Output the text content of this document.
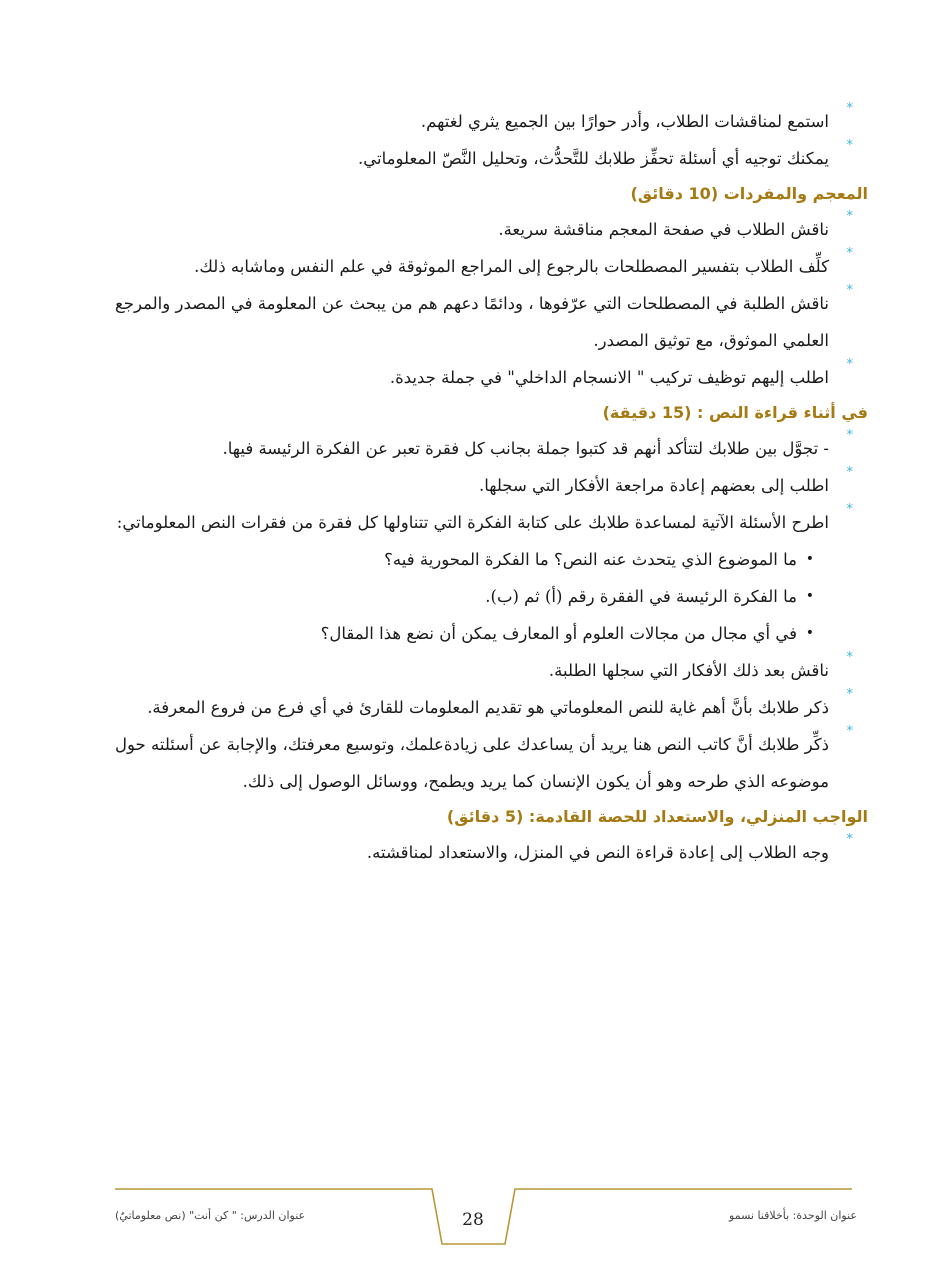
*
استمع لمناقشات الطلاب، وأدر حوارًا بين الجميع يثري لغتهم.
*
يمكنك توجيه أي أسئلة تحفِّز طلابك للتَّحدُّث، وتحليل النَّصّ المعلوماتي.
المعجم والمفردات (10 دقائق)
*
ناقش الطلاب في صفحة المعجم مناقشة سريعة.
*
كلِّف الطلاب بتفسير المصطلحات بالرجوع إلى المراجع الموثوقة في علم النفس وماشابه ذلك.
*
ناقش الطلبة في المصطلحات التي عرّفوها ، ودائمًا دعهم هم من يبحث عن المعلومة في المصدر والمرجع العلمي الموثوق، مع توثيق المصدر.
*
اطلب إليهم توظيف تركيب " الانسجام الداخلي" في جملة جديدة.
في أثناء قراءة النص : (15 دقيقة)
*
- تجوَّل بين طلابك لتتأكد أنهم قد كتبوا جملة بجانب كل فقرة تعبر عن الفكرة الرئيسة فيها.
*
اطلب إلى بعضهم إعادة مراجعة الأفكار التي سجلها.
*
اطرح الأسئلة الآتية لمساعدة طلابك على كتابة الفكرة التي تتناولها كل فقرة من فقرات النص المعلوماتي:
•
ما الموضوع الذي يتحدث عنه النص؟ ما الفكرة المحورية فيه؟
•
ما الفكرة الرئيسة في الفقرة رقم (أ) ثم (ب).
•
في أي مجال من مجالات العلوم أو المعارف يمكن أن نضع هذا المقال؟
*
ناقش بعد ذلك الأفكار التي سجلها الطلبة.
*
ذكر طلابك بأنَّ أهم غاية للنص المعلوماتي هو تقديم المعلومات للقارئ في أي فرع من فروع المعرفة.
*
ذكِّر طلابك أنَّ كاتب النص هنا يريد أن يساعدك على زيادةعلمك، وتوسيع معرفتك، والإجابة عن أسئلته حول موضوعه الذي طرحه وهو أن يكون الإنسان كما يريد ويطمح، ووسائل الوصول إلى ذلك.
الواجب المنزلي، والاستعداد للحصة القادمة: (5 دقائق)
*
وجه الطلاب إلى إعادة قراءة النص في المنزل، والاستعداد لمناقشته.
عنوان الوحدة: بأخلاقنا نسمو
28
عنوان الدرس: " كن أنت" (نص معلوماتيٌ)
